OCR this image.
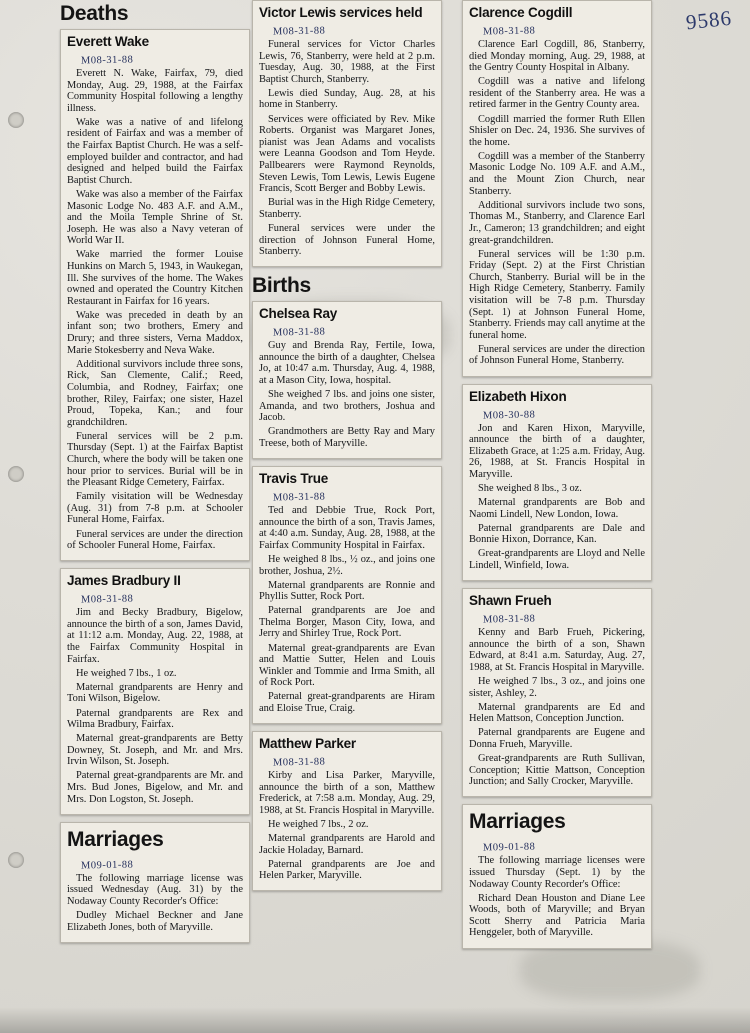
9586
Deaths
Everett Wake
M08-31-88

Everett N. Wake, Fairfax, 79, died Monday, Aug. 29, 1988, at the Fairfax Community Hospital following a lengthy illness.

Wake was a native of and lifelong resident of Fairfax and was a member of the Fairfax Baptist Church. He was a self-employed builder and contractor, and had designed and helped build the Fairfax Baptist Church.

Wake was also a member of the Fairfax Masonic Lodge No. 483 A.F. and A.M., and the Moila Temple Shrine of St. Joseph. He was also a Navy veteran of World War II.

Wake married the former Louise Hunkins on March 5, 1943, in Waukegan, Ill. She survives of the home. The Wakes owned and operated the Country Kitchen Restaurant in Fairfax for 16 years.

Wake was preceded in death by an infant son; two brothers, Emery and Drury; and three sisters, Verna Maddox, Marie Stokesberry and Neva Wake.

Additional survivors include three sons, Rick, San Clemente, Calif.; Reed, Columbia, and Rodney, Fairfax; one brother, Riley, Fairfax; one sister, Hazel Proud, Topeka, Kan.; and four grandchildren.

Funeral services will be 2 p.m. Thursday (Sept. 1) at the Fairfax Baptist Church, where the body will be taken one hour prior to services. Burial will be in the Pleasant Ridge Cemetery, Fairfax.

Family visitation will be Wednesday (Aug. 31) from 7-8 p.m. at Schooler Funeral Home, Fairfax.

Funeral services are under the direction of Schooler Funeral Home, Fairfax.

James Bradbury II
M08-31-88

Jim and Becky Bradbury, Bigelow, announce the birth of a son, James David, at 11:12 a.m. Monday, Aug. 22, 1988, at the Fairfax Community Hospital in Fairfax.

He weighed 7 lbs., 1 oz.

Maternal grandparents are Henry and Toni Wilson, Bigelow.

Paternal grandparents are Rex and Wilma Bradbury, Fairfax.

Maternal great-grandparents are Betty Downey, St. Joseph, and Mr. and Mrs. Irvin Wilson, St. Joseph.

Paternal great-grandparents are Mr. and Mrs. Bud Jones, Bigelow, and Mr. and Mrs. Don Logston, St. Joseph.

Marriages
M09-01-88

The following marriage license was issued Wednesday (Aug. 31) by the Nodaway County Recorder's Office:

Dudley Michael Beckner and Jane Elizabeth Jones, both of Maryville.

Victor Lewis services held
M08-31-88

Funeral services for Victor Charles Lewis, 76, Stanberry, were held at 2 p.m. Tuesday, Aug. 30, 1988, at the First Baptist Church, Stanberry.

Lewis died Sunday, Aug. 28, at his home in Stanberry.

Services were officiated by Rev. Mike Roberts. Organist was Margaret Jones, pianist was Jean Adams and vocalists were Leanna Goodson and Tom Heyde. Pallbearers were Raymond Reynolds, Steven Lewis, Tom Lewis, Lewis Eugene Francis, Scott Berger and Bobby Lewis.

Burial was in the High Ridge Cemetery, Stanberry.

Funeral services were under the direction of Johnson Funeral Home, Stanberry.

Births
Chelsea Ray
M08-31-88

Guy and Brenda Ray, Fertile, Iowa, announce the birth of a daughter, Chelsea Jo, at 10:47 a.m. Thursday, Aug. 4, 1988, at a Mason City, Iowa, hospital.

She weighed 7 lbs. and joins one sister, Amanda, and two brothers, Joshua and Jacob.

Grandmothers are Betty Ray and Mary Treese, both of Maryville.

Travis True
M08-31-88

Ted and Debbie True, Rock Port, announce the birth of a son, Travis James, at 4:40 a.m. Sunday, Aug. 28, 1988, at the Fairfax Community Hospital in Fairfax.

He weighed 8 lbs., ½ oz., and joins one brother, Joshua, 2½.

Maternal grandparents are Ronnie and Phyllis Sutter, Rock Port.

Paternal grandparents are Joe and Thelma Borger, Mason City, Iowa, and Jerry and Shirley True, Rock Port.

Maternal great-grandparents are Evan and Mattie Sutter, Helen and Louis Winkler and Tommie and Irma Smith, all of Rock Port.

Paternal great-grandparents are Hiram and Eloise True, Craig.

Matthew Parker
M08-31-88

Kirby and Lisa Parker, Maryville, announce the birth of a son, Matthew Frederick, at 7:58 a.m. Monday, Aug. 29, 1988, at St. Francis Hospital in Maryville.

He weighed 7 lbs., 2 oz.

Maternal grandparents are Harold and Jackie Holaday, Barnard.

Paternal grandparents are Joe and Helen Parker, Maryville.

Clarence Cogdill
M08-31-88

Clarence Earl Cogdill, 86, Stanberry, died Monday morning, Aug. 29, 1988, at the Gentry County Hospital in Albany.

Cogdill was a native and lifelong resident of the Stanberry area. He was a retired farmer in the Gentry County area.

Cogdill married the former Ruth Ellen Shisler on Dec. 24, 1936. She survives of the home.

Cogdill was a member of the Stanberry Masonic Lodge No. 109 A.F. and A.M., and the Mount Zion Church, near Stanberry.

Additional survivors include two sons, Thomas M., Stanberry, and Clarence Earl Jr., Cameron; 13 grandchildren; and eight great-grandchildren.

Funeral services will be 1:30 p.m. Friday (Sept. 2) at the First Christian Church, Stanberry. Burial will be in the High Ridge Cemetery, Stanberry. Family visitation will be 7-8 p.m. Thursday (Sept. 1) at Johnson Funeral Home, Stanberry. Friends may call anytime at the funeral home.

Funeral services are under the direction of Johnson Funeral Home, Stanberry.

Elizabeth Hixon
M08-30-88

Jon and Karen Hixon, Maryville, announce the birth of a daughter, Elizabeth Grace, at 1:25 a.m. Friday, Aug. 26, 1988, at St. Francis Hospital in Maryville.

She weighed 8 lbs., 3 oz.

Maternal grandparents are Bob and Naomi Lindell, New London, Iowa.

Paternal grandparents are Dale and Bonnie Hixon, Dorrance, Kan.

Great-grandparents are Lloyd and Nelle Lindell, Winfield, Iowa.

Shawn Frueh
M08-31-88

Kenny and Barb Frueh, Pickering, announce the birth of a son, Shawn Edward, at 8:41 a.m. Saturday, Aug. 27, 1988, at St. Francis Hospital in Maryville.

He weighed 7 lbs., 3 oz., and joins one sister, Ashley, 2.

Maternal grandparents are Ed and Helen Mattson, Conception Junction.

Paternal grandparents are Eugene and Donna Frueh, Maryville.

Great-grandparents are Ruth Sullivan, Conception; Kittie Mattson, Conception Junction; and Sally Crocker, Maryville.

Marriages
M09-01-88

The following marriage licenses were issued Thursday (Sept. 1) by the Nodaway County Recorder's Office:

Richard Dean Houston and Diane Lee Woods, both of Maryville; and Bryan Scott Sherry and Patricia Maria Henggeler, both of Maryville.
